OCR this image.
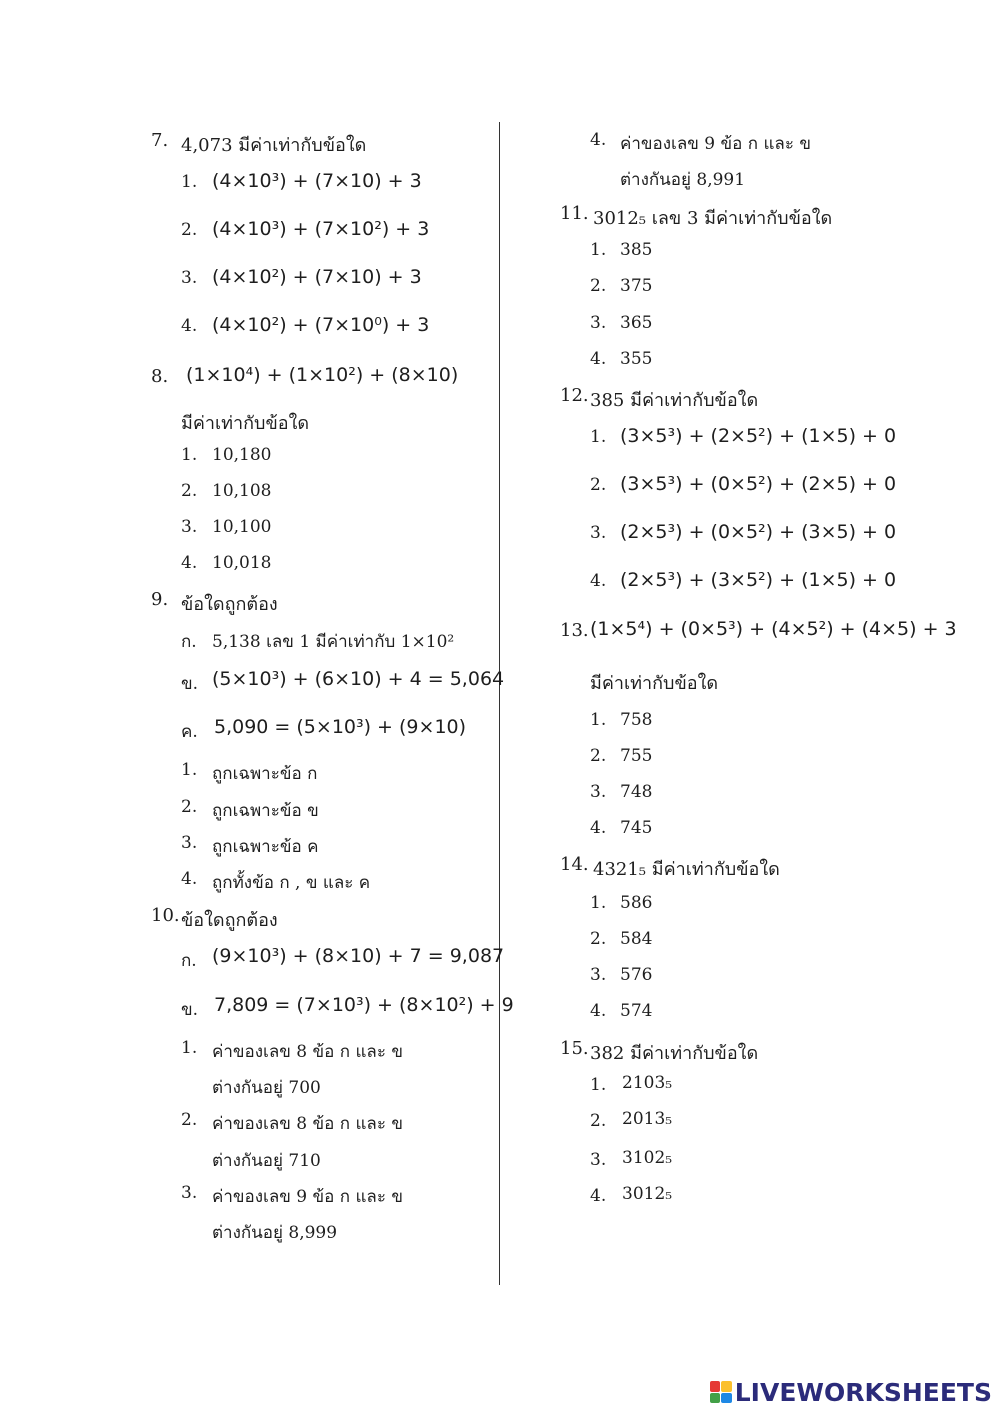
7. 4,073 มีค่าเท่ากับข้อใด
1. (4×10³) + (7×10) + 3
2. (4×10³) + (7×10²) + 3
3. (4×10²) + (7×10) + 3
4. (4×10²) + (7×10⁰) + 3
8. (1×10⁴) + (1×10²) + (8×10)
มีค่าเท่ากับข้อใด
1. 10,180
2. 10,108
3. 10,100
4. 10,018
9. ข้อใดถูกต้อง
ก. 5,138 เลข 1 มีค่าเท่ากับ 1×10²
ข. (5×10³) + (6×10) + 4 = 5,064
ค. 5,090 = (5×10³) + (9×10)
1. ถูกเฉพาะข้อ ก
2. ถูกเฉพาะข้อ ข
3. ถูกเฉพาะข้อ ค
4. ถูกทั้งข้อ ก , ข และ ค
10. ข้อใดถูกต้อง
ก. (9×10³) + (8×10) + 7 = 9,087
ข. 7,809 = (7×10³) + (8×10²) + 9
1. ค่าของเลข 8 ข้อ ก และ ข
ต่างกันอยู่ 700
2. ค่าของเลข 8 ข้อ ก และ ข
ต่างกันอยู่ 710
3. ค่าของเลข 9 ข้อ ก และ ข
ต่างกันอยู่ 8,999
4. ค่าของเลข 9 ข้อ ก และ ข
ต่างกันอยู่ 8,991
11. 3012₅ เลข 3 มีค่าเท่ากับข้อใด
1. 385
2. 375
3. 365
4. 355
12. 385 มีค่าเท่ากับข้อใด
1. (3×5³) + (2×5²) + (1×5) + 0
2. (3×5³) + (0×5²) + (2×5) + 0
3. (2×5³) + (0×5²) + (3×5) + 0
4. (2×5³) + (3×5²) + (1×5) + 0
13. (1×5⁴) + (0×5³) + (4×5²) + (4×5) + 3
มีค่าเท่ากับข้อใด
1. 758
2. 755
3. 748
4. 745
14. 4321₅ มีค่าเท่ากับข้อใด
1. 586
2. 584
3. 576
4. 574
15. 382 มีค่าเท่ากับข้อใด
1. 2103₅
2. 2013₅
3. 3102₅
4. 3012₅
LIVEWORKSHEETS
